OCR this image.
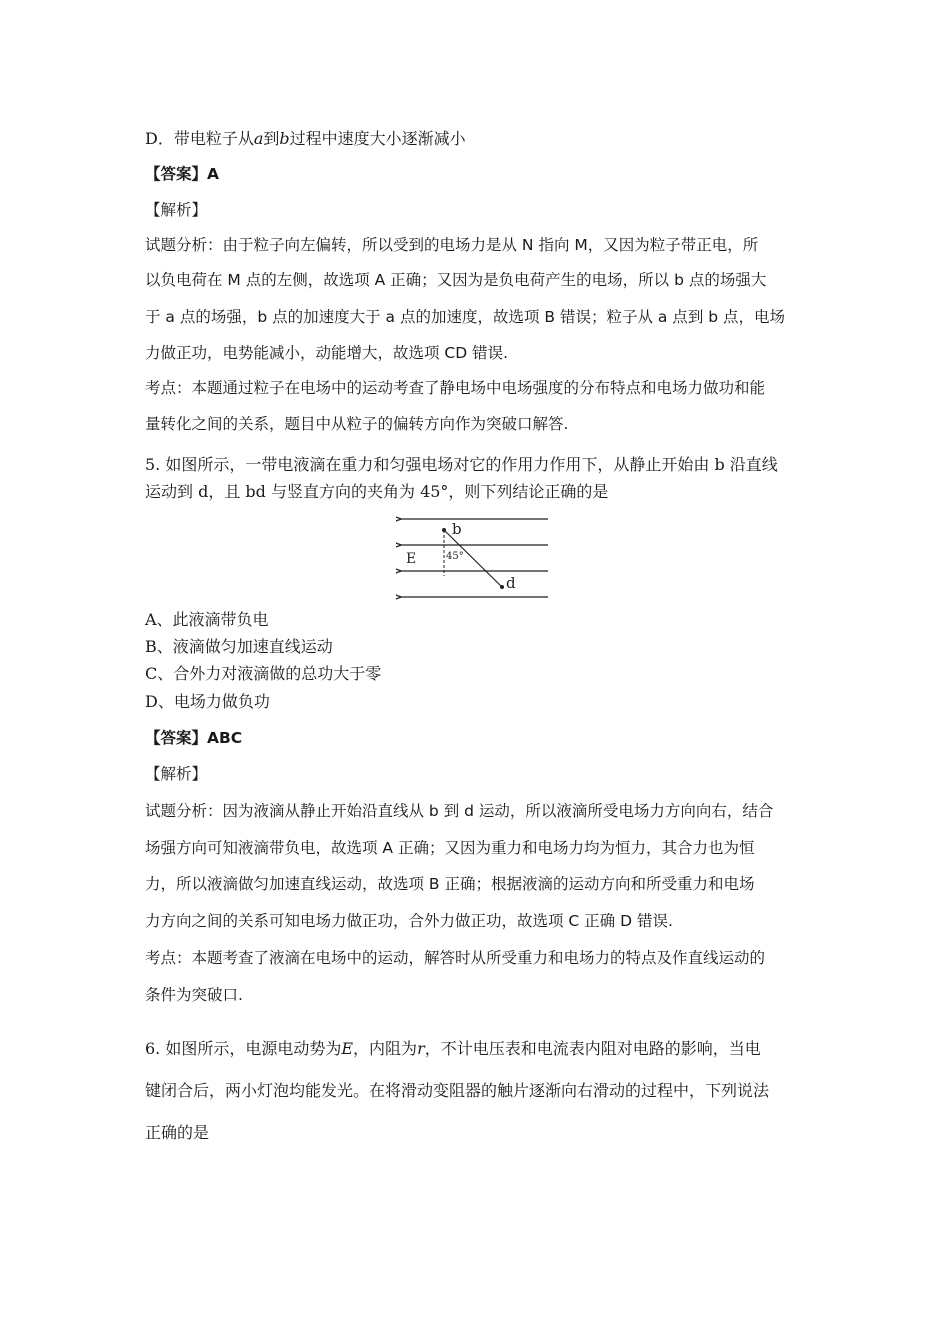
D．带电粒子从a到b过程中速度大小逐渐减小
【答案】A
【解析】
试题分析：由于粒子向左偏转，所以受到的电场力是从 N 指向 M，又因为粒子带正电，所
以负电荷在 M 点的左侧，故选项 A 正确；又因为是负电荷产生的电场，所以 b 点的场强大
于 a 点的场强，b 点的加速度大于 a 点的加速度，故选项 B 错误；粒子从 a 点到 b 点，电场
力做正功，电势能减小，动能增大，故选项 CD 错误.
考点：本题通过粒子在电场中的运动考查了静电场中电场强度的分布特点和电场力做功和能
量转化之间的关系，题目中从粒子的偏转方向作为突破口解答.
5. 如图所示，一带电液滴在重力和匀强电场对它的作用力作用下，从静止开始由 b 沿直线
运动到 d，且 bd 与竖直方向的夹角为 45°，则下列结论正确的是
b
d
E	45°
A、此液滴带负电
B、液滴做匀加速直线运动
C、合外力对液滴做的总功大于零
D、电场力做负功
【答案】ABC
【解析】
试题分析：因为液滴从静止开始沿直线从 b 到 d 运动，所以液滴所受电场力方向向右，结合
场强方向可知液滴带负电，故选项 A 正确；又因为重力和电场力均为恒力，其合力也为恒
力，所以液滴做匀加速直线运动，故选项 B 正确；根据液滴的运动方向和所受重力和电场
力方向之间的关系可知电场力做正功，合外力做正功，故选项 C 正确 D 错误.
考点：本题考查了液滴在电场中的运动，解答时从所受重力和电场力的特点及作直线运动的
条件为突破口.
6. 如图所示，电源电动势为E，内阻为r，不计电压表和电流表内阻对电路的影响，当电
键闭合后，两小灯泡均能发光。在将滑动变阻器的触片逐渐向右滑动的过程中，下列说法
正确的是
